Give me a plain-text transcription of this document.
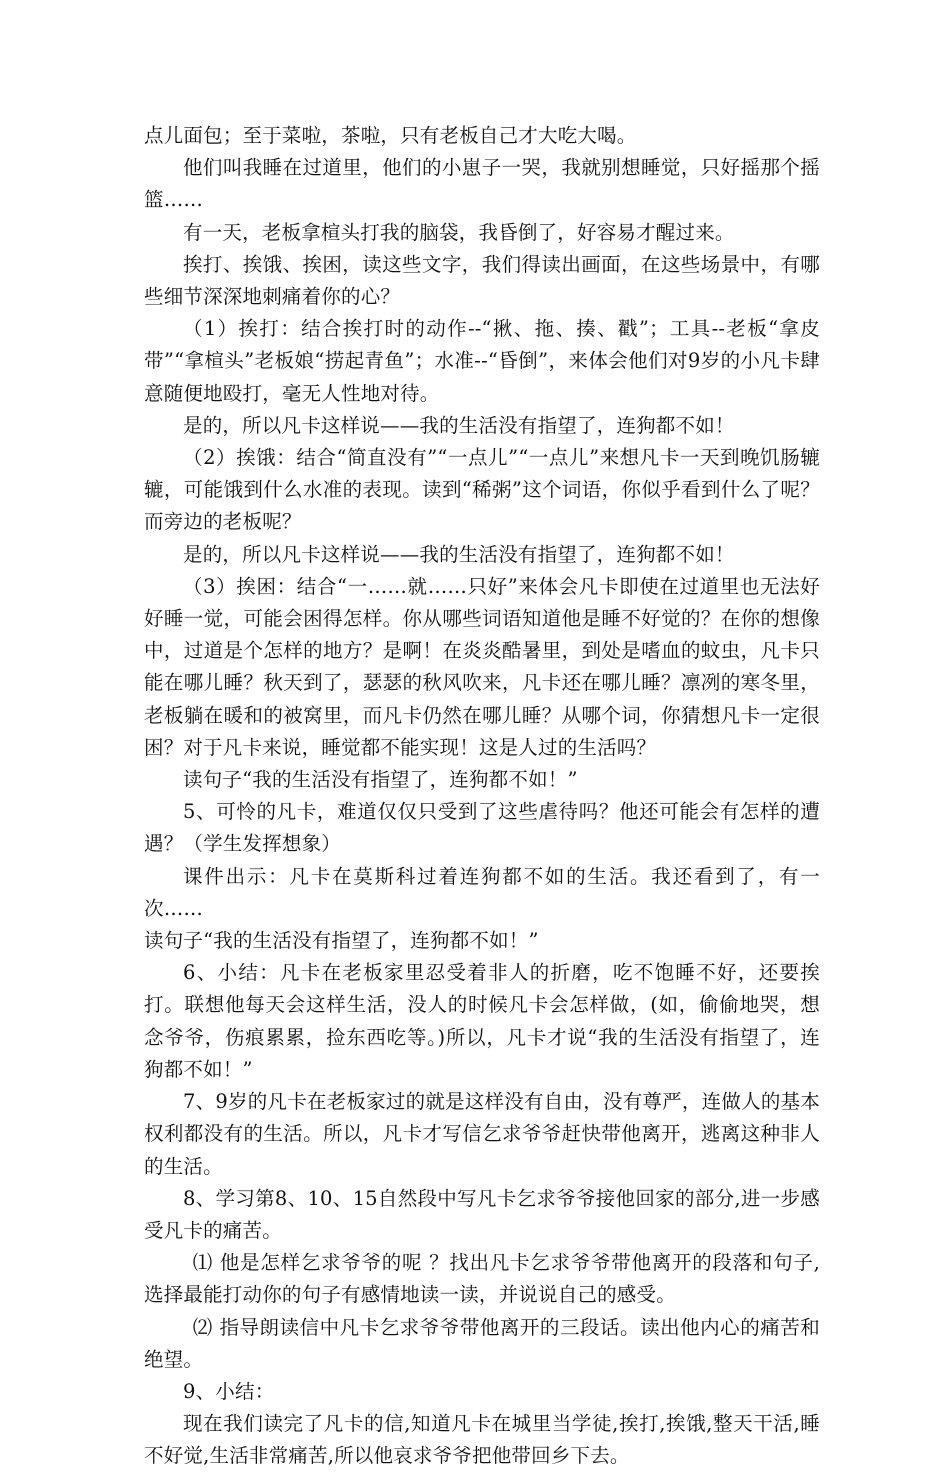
点儿面包；至于菜啦，茶啦，只有老板自己才大吃大喝。

他们叫我睡在过道里，他们的小崽子一哭，我就别想睡觉，只好摇那个摇篮……

有一天，老板拿楦头打我的脑袋，我昏倒了，好容易才醒过来。

挨打、挨饿、挨困，读这些文字，我们得读出画面，在这些场景中，有哪些细节深深地刺痛着你的心？

（1）挨打：结合挨打时的动作--“揪、拖、揍、戳”；工具--老板“拿皮带”“拿楦头”老板娘“捞起青鱼”；水准--“昏倒”，来体会他们对9岁的小凡卡肆意随便地殴打，毫无人性地对待。

是的，所以凡卡这样说——我的生活没有指望了，连狗都不如！

（2）挨饿：结合“简直没有”“一点儿”“一点儿”来想凡卡一天到晚饥肠辘辘，可能饿到什么水准的表现。读到“稀粥”这个词语，你似乎看到什么了呢？而旁边的老板呢？

是的，所以凡卡这样说——我的生活没有指望了，连狗都不如！

（3）挨困：结合“一……就……只好”来体会凡卡即使在过道里也无法好好睡一觉，可能会困得怎样。你从哪些词语知道他是睡不好觉的？在你的想像中，过道是个怎样的地方？是啊！在炎炎酷暑里，到处是嗜血的蚊虫，凡卡只能在哪儿睡？秋天到了，瑟瑟的秋风吹来，凡卡还在哪儿睡？凛冽的寒冬里，老板躺在暖和的被窝里，而凡卡仍然在哪儿睡？从哪个词，你猜想凡卡一定很困？对于凡卡来说，睡觉都不能实现！这是人过的生活吗？

读句子“我的生活没有指望了，连狗都不如！”

5、可怜的凡卡，难道仅仅只受到了这些虐待吗？他还可能会有怎样的遭遇？（学生发挥想象）

课件出示：凡卡在莫斯科过着连狗都不如的生活。我还看到了，有一次……

读句子“我的生活没有指望了，连狗都不如！”

6、小结：凡卡在老板家里忍受着非人的折磨，吃不饱睡不好，还要挨打。联想他每天会这样生活，没人的时候凡卡会怎样做，(如，偷偷地哭，想念爷爷，伤痕累累，捡东西吃等。)所以，凡卡才说“我的生活没有指望了，连狗都不如！”

7、9岁的凡卡在老板家过的就是这样没有自由，没有尊严，连做人的基本权利都没有的生活。所以，凡卡才写信乞求爷爷赶快带他离开，逃离这种非人的生活。

8、学习第8、10、15自然段中写凡卡乞求爷爷接他回家的部分,进一步感受凡卡的痛苦。

⑴ 他是怎样乞求爷爷的呢 ？找出凡卡乞求爷爷带他离开的段落和句子, 选择最能打动你的句子有感情地读一读，并说说自己的感受。

⑵ 指导朗读信中凡卡乞求爷爷带他离开的三段话。读出他内心的痛苦和绝望。

9、小结：

现在我们读完了凡卡的信,知道凡卡在城里当学徒,挨打,挨饿,整天干活,睡不好觉,生活非常痛苦,所以他哀求爷爷把他带回乡下去。
